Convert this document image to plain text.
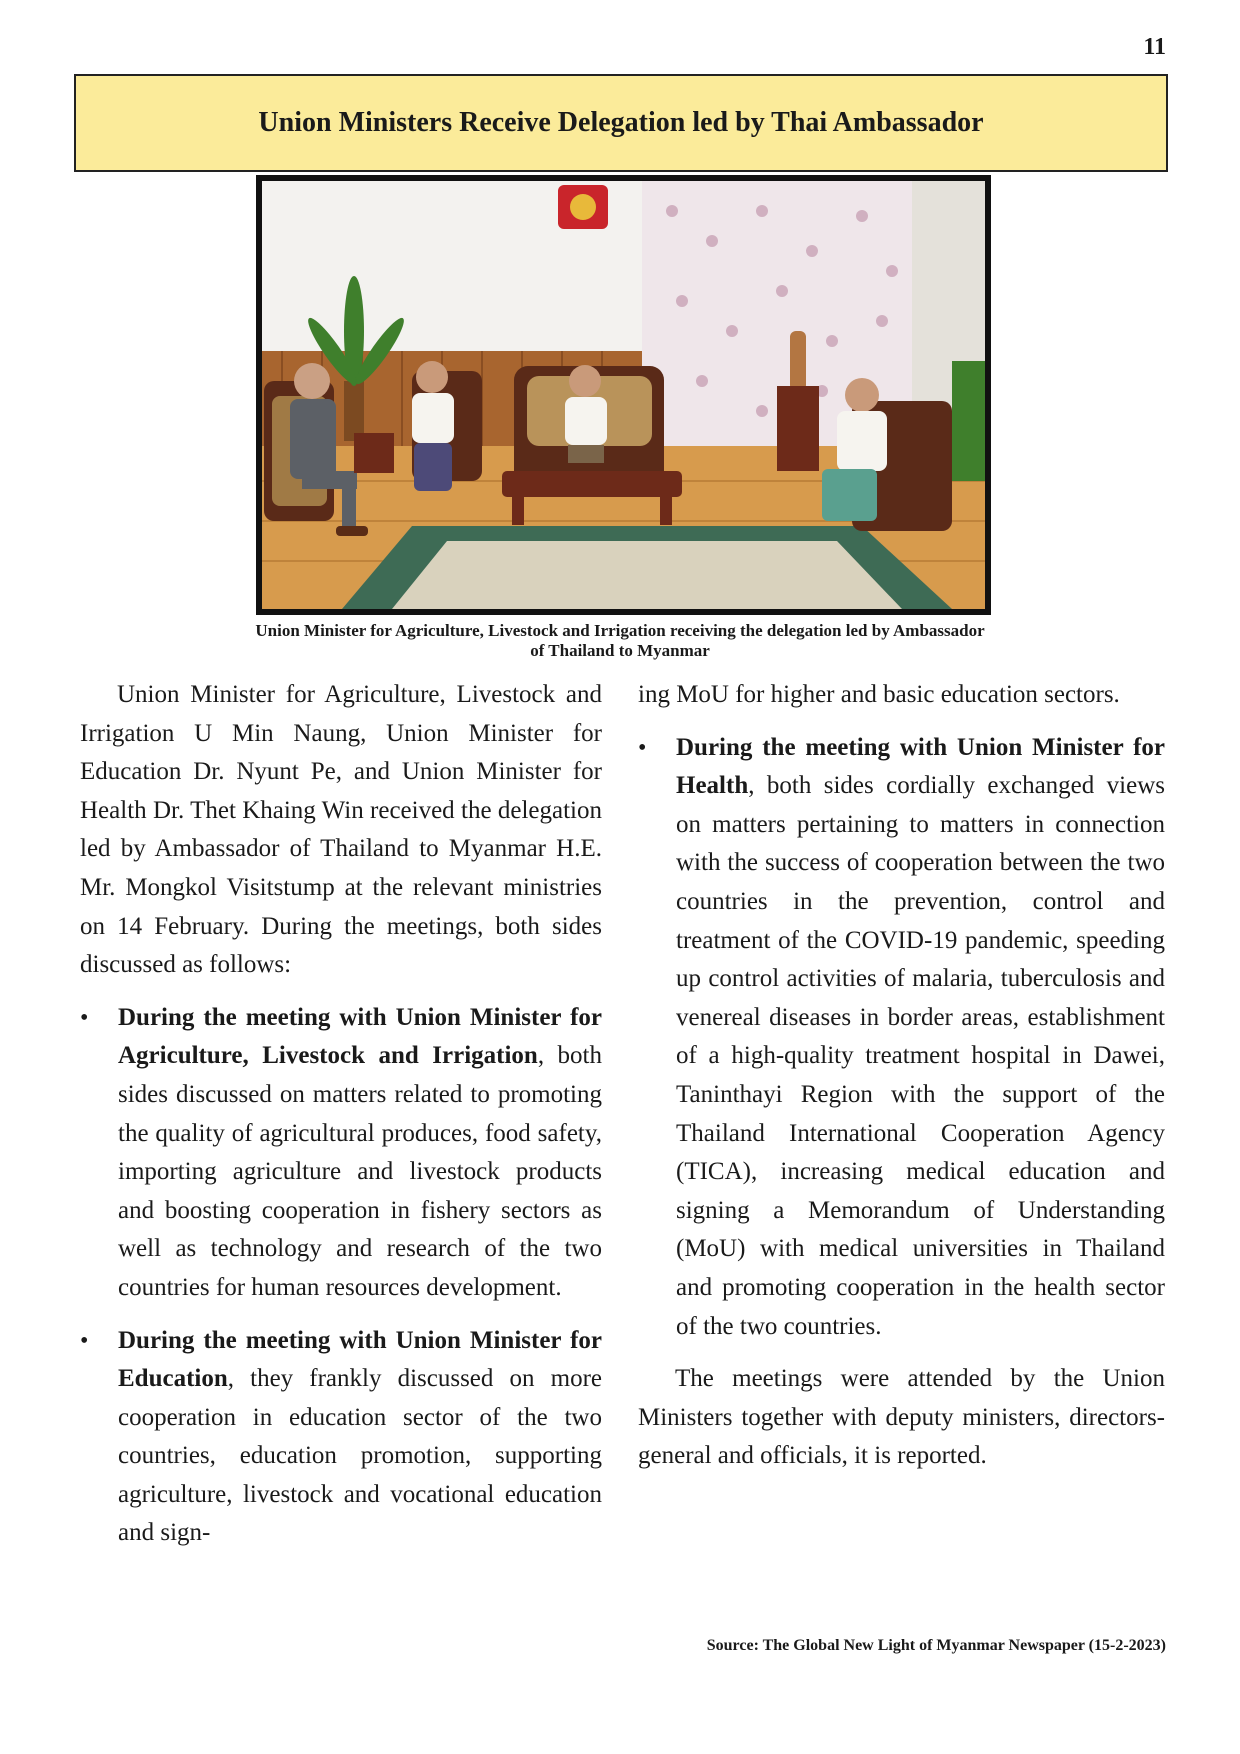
11
Union Ministers Receive Delegation led by Thai Ambassador
Union Minister for Agriculture, Livestock and Irrigation receiving the delegation led by Ambassador
of Thailand to Myanmar

Union Minister for Agriculture, Livestock and Irrigation U Min Naung, Union Minister for Education Dr. Nyunt Pe, and Union Minister for Health Dr. Thet Khaing Win received the delegation led by Ambassador of Thailand to Myanmar H.E. Mr. Mongkol Visitstump at the relevant ministries on 14 February. During the meetings, both sides discussed as follows:

• During the meeting with Union Minister for Agriculture, Livestock and Irrigation, both sides discussed on matters related to promoting the quality of agricultural produces, food safety, importing agriculture and livestock products and boosting cooperation in fishery sectors as well as technology and research of the two countries for human resources development.
• During the meeting with Union Minister for Education, they frankly discussed on more cooperation in education sector of the two countries, education promotion, supporting agriculture, livestock and vocational education and sign-

ing MoU for higher and basic education sectors.

• During the meeting with Union Minister for Health, both sides cordially exchanged views on matters pertaining to matters in connection with the success of cooperation between the two countries in the prevention, control and treatment of the COVID-19 pandemic, speeding up control activities of malaria, tuberculosis and venereal diseases in border areas, establishment of a high-quality treatment hospital in Dawei, Taninthayi Region with the support of the Thailand International Cooperation Agency (TICA), increasing medical education and signing a Memorandum of Understanding (MoU) with medical universities in Thailand and promoting cooperation in the health sector of the two countries.

The meetings were attended by the Union Ministers together with deputy ministers, directors-general and officials, it is reported.

Source: The Global New Light of Myanmar Newspaper (15-2-2023)
